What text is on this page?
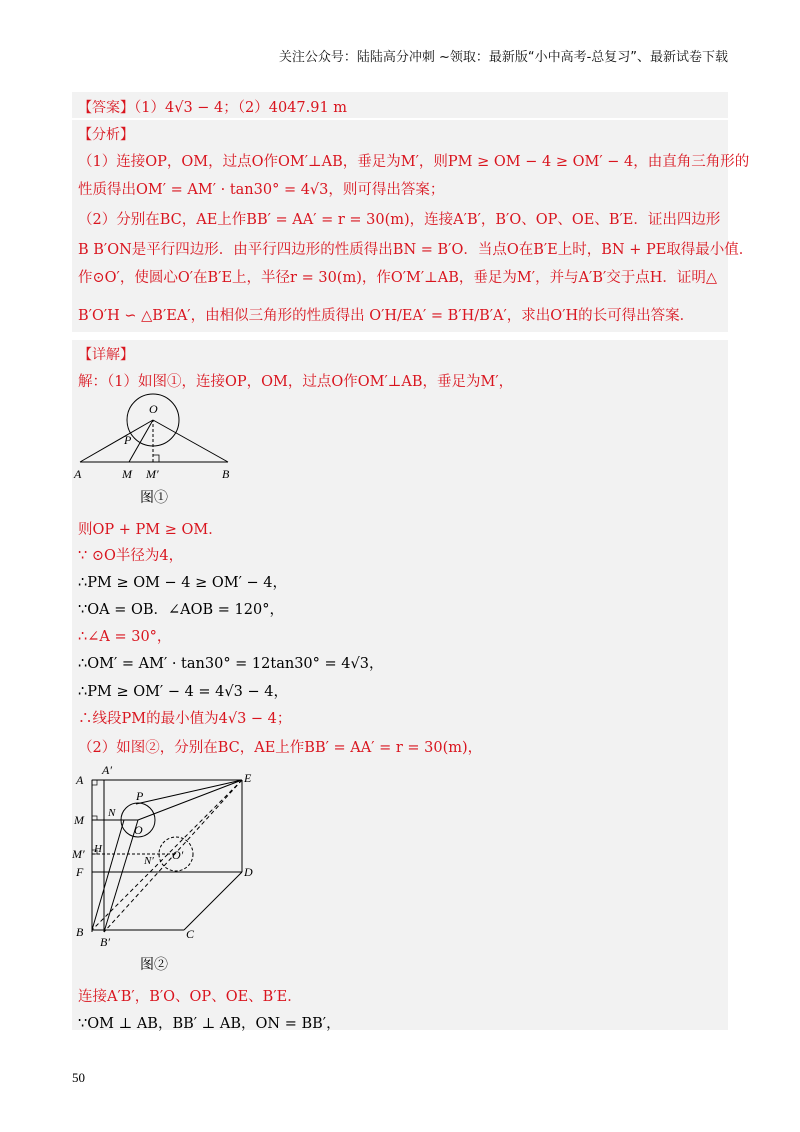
关注公众号：陆陆高分冲刺 ~领取：最新版“小中高考-总复习”、最新试卷下载
【答案】（1）4√3 − 4；（2）4047.91 m
【分析】
（1）连接OP，OM，过点O作OM′⊥AB，垂足为M′，则PM ≥ OM − 4 ≥ OM′ − 4，由直角三角形的
性质得出OM′ = AM′ · tan30° = 4√3，则可得出答案；
（2）分别在BC，AE上作BB′ = AA′ = r = 30(m)，连接A′B′，B′O、OP、OE、B′E．证出四边形
B B′ON是平行四边形．由平行四边形的性质得出BN = B′O．当点O在B′E上时，BN + PE取得最小值．
作⊙O′，使圆心O′在B′E上，半径r = 30(m)，作O′M′⊥AB，垂足为M′，并与A′B′交于点H．证明△
B′O′H ∽ △B′EA′，由相似三角形的性质得出 O′H/EA′ = B′H/B′A′，求出O′H的长可得出答案．
【详解】
解：（1）如图①，连接OP，OM，过点O作OM′⊥AB，垂足为M′，
O
P
A	M M′	B
图①
则OP + PM ≥ OM．
∵ ⊙O半径为4，
∴PM ≥ OM − 4 ≥ OM′ − 4，
∵OA = OB．∠AOB = 120°，
∴∠A = 30°，
∴OM′ = AM′ · tan30° = 12tan30° = 4√3，
∴PM ≥ OM′ − 4 = 4√3 − 4，
∴线段PM的最小值为4√3 − 4；
（2）如图②，分别在BC，AE上作BB′ = AA′ = r = 30(m)，
A
A′
E
P
N
M
O
M′ H
N′ O′
F	D
B
B′
C
图②
连接A′B′，B′O、OP、OE、B′E．
∵OM ⊥ AB，BB′ ⊥ AB，ON = BB′，
50
